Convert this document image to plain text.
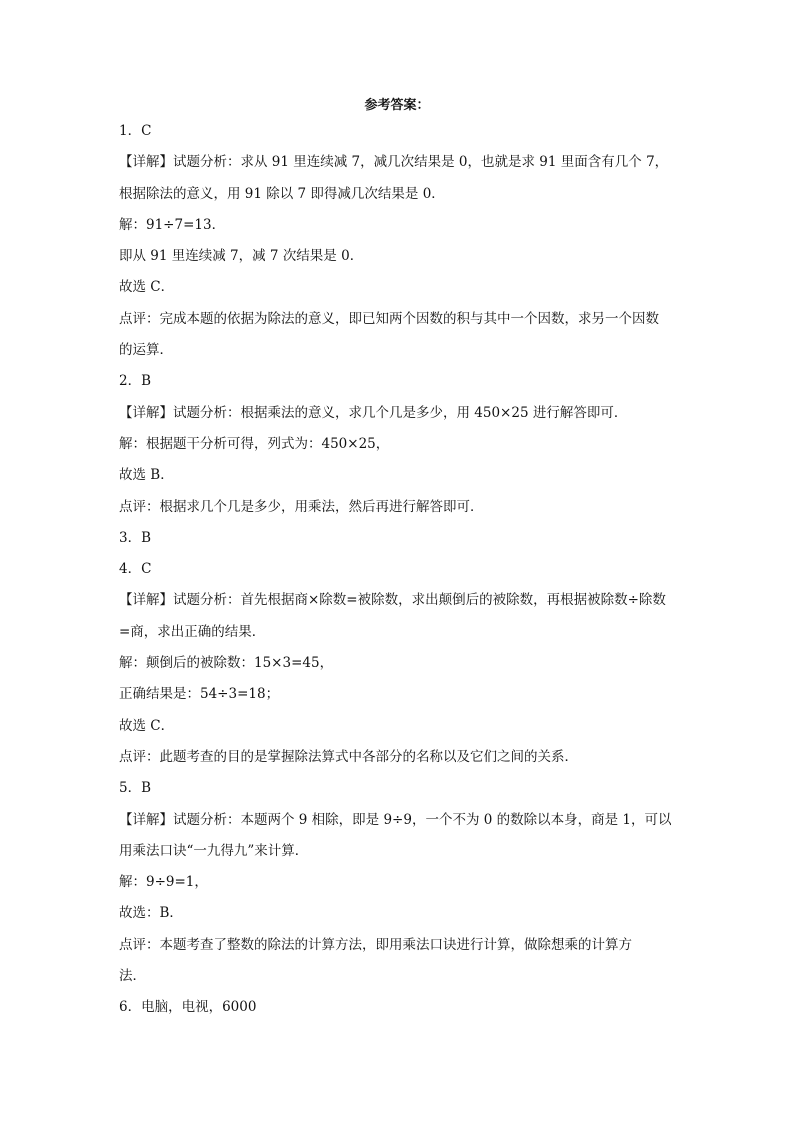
参考答案：
1．C
【详解】试题分析：求从 91 里连续减 7，减几次结果是 0，也就是求 91 里面含有几个 7，
根据除法的意义，用 91 除以 7 即得减几次结果是 0．
解：91÷7=13．
即从 91 里连续减 7，减 7 次结果是 0．
故选 C．
点评：完成本题的依据为除法的意义，即已知两个因数的积与其中一个因数，求另一个因数
的运算．
2．B
【详解】试题分析：根据乘法的意义，求几个几是多少，用 450×25 进行解答即可．
解：根据题干分析可得，列式为：450×25，
故选 B．
点评：根据求几个几是多少，用乘法，然后再进行解答即可．
3．B
4．C
【详解】试题分析：首先根据商×除数=被除数，求出颠倒后的被除数，再根据被除数÷除数
=商，求出正确的结果．
解：颠倒后的被除数：15×3=45，
正确结果是：54÷3=18；
故选 C．
点评：此题考查的目的是掌握除法算式中各部分的名称以及它们之间的关系．
5．B
【详解】试题分析：本题两个 9 相除，即是 9÷9，一个不为 0 的数除以本身，商是 1，可以
用乘法口诀“一九得九”来计算．
解：9÷9=1，
故选：B．
点评：本题考查了整数的除法的计算方法，即用乘法口诀进行计算，做除想乘的计算方
法．
6．电脑，电视，6000
